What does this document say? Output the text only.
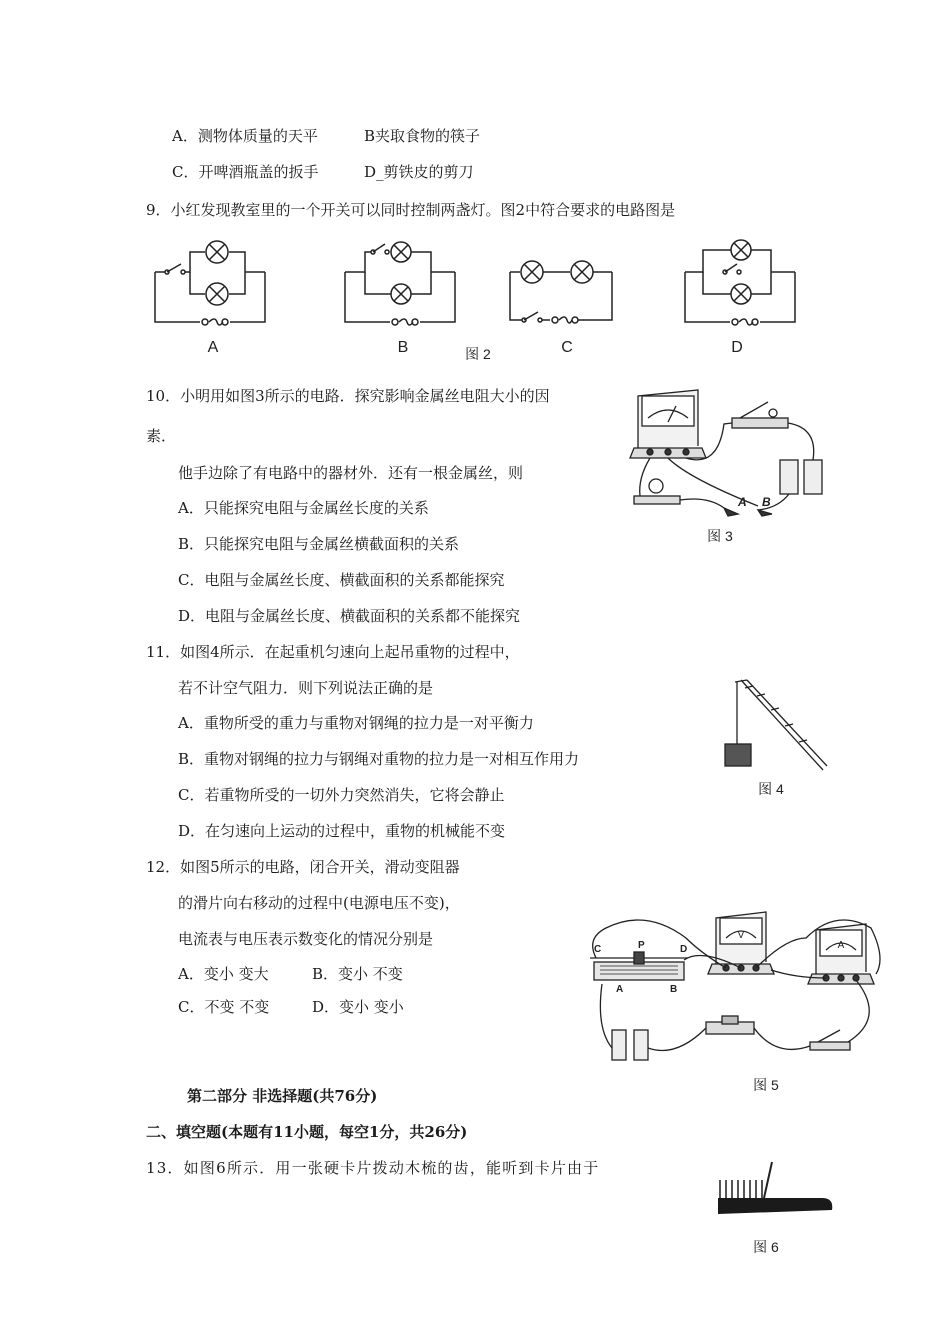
A．测物体质量的天平	B夹取食物的筷子
C．开啤酒瓶盖的扳手	D_剪铁皮的剪刀
9．小红发现教室里的一个开关可以同时控制两盏灯。图2中符合要求的电路图是
A	B	图 2	C	D
10．小明用如图3所示的电路．探究影响金属丝电阻大小的因
素．
他手边除了有电路中的器材外．还有一根金属丝，则
A．只能探究电阻与金属丝长度的关系
B．只能探究电阻与金属丝横截面积的关系
C．电阻与金属丝长度、横截面积的关系都能探究
D．电阻与金属丝长度、横截面积的关系都不能探究
A B
图 3
11．如图4所示．在起重机匀速向上起吊重物的过程中，
若不计空气阻力．则下列说法正确的是
A．重物所受的重力与重物对钢绳的拉力是一对平衡力
B．重物对钢绳的拉力与钢绳对重物的拉力是一对相互作用力
C．若重物所受的一切外力突然消失，它将会静止
D．在匀速向上运动的过程中，重物的机械能不变
图 4
12．如图5所示的电路，闭合开关，滑动变阻器
的滑片向右移动的过程中(电源电压不变)，
电流表与电压表示数变化的情况分别是
A．变小 变大	B．变小 不变
C．不变 不变	D．变小 变小
C	P	D
A	B
V
A
图 5
第二部分 非选择题(共76分)
二、填空题(本题有11小题，每空1分，共26分)
13．如图6所示．用一张硬卡片拨动木梳的齿，能听到卡片由于
图 6
